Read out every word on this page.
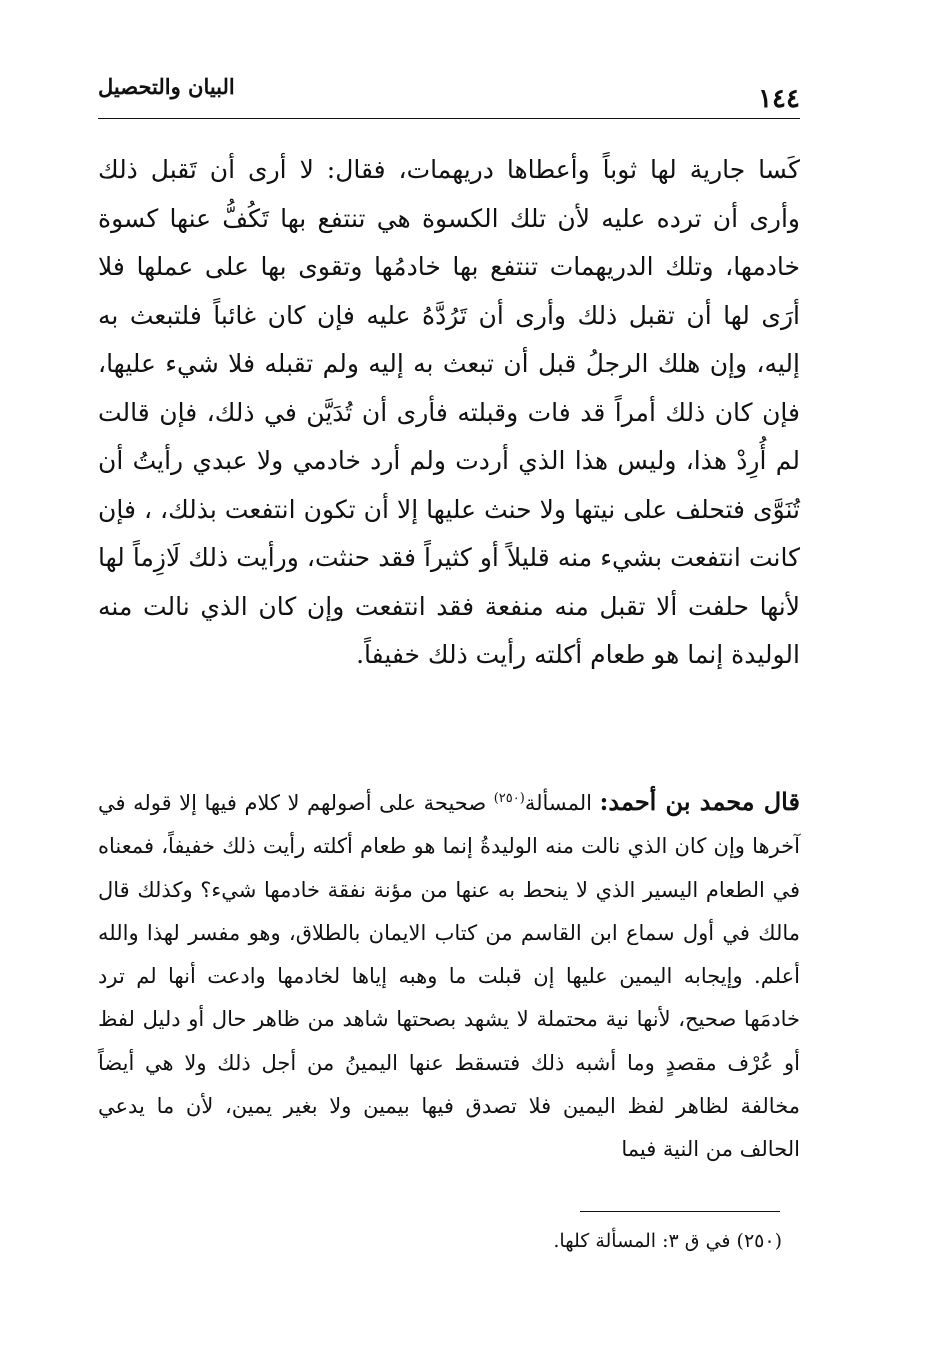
١٤٤
البيان والتحصيل

كَسا جارية لها ثوباً وأعطاها دريهمات، فقال: لا أرى أن تَقبل ذلك وأرى أن ترده عليه لأن تلك الكسوة هي تنتفع بها تَكُفُّ عنها كسوة خادمها، وتلك الدريهمات تنتفع بها خادمُها وتقوى بها على عملها فلا أرَى لها أن تقبل ذلك وأرى أن تَرُدَّهُ عليه فإن كان غائباً فلتبعث به إليه، وإن هلك الرجلُ قبل أن تبعث به إليه ولم تقبله فلا شيء عليها، فإن كان ذلك أمراً قد فات وقبلته فأرى أن تُدَيَّن في ذلك، فإن قالت لم أُرِدْ هذا، وليس هذا الذي أردت ولم أرد خادمي ولا عبدي رأيتُ أن تُنَوَّى فتحلف على نيتها ولا حنث عليها إلا أن تكون انتفعت بذلك، ، فإن كانت انتفعت بشيء منه قليلاً أو كثيراً فقد حنثت، ورأيت ذلك لَازِماً لها لأنها حلفت ألا تقبل منه منفعة فقد انتفعت وإن كان الذي نالت منه الوليدة إنما هو طعام أكلته رأيت ذلك خفيفاً.

قال محمد بن أحمد: المسألة$^{(٢٥٠)}$ صحيحة على أصولهم لا كلام فيها إلا قوله في آخرها وإن كان الذي نالت منه الوليدةُ إنما هو طعام أكلته رأيت ذلك خفيفاً، فمعناه في الطعام اليسير الذي لا ينحط به عنها من مؤنة نفقة خادمها شيء؟ وكذلك قال مالك في أول سماع ابن القاسم من كتاب الايمان بالطلاق، وهو مفسر لهذا والله أعلم. وإيجابه اليمين عليها إن قبلت ما وهبه إياها لخادمها وادعت أنها لم ترد خادمَها صحيح، لأنها نية محتملة لا يشهد بصحتها شاهد من ظاهر حال أو دليل لفظ أو عُرْف مقصدٍ وما أشبه ذلك فتسقط عنها اليمينُ من أجل ذلك ولا هي أيضاً مخالفة لظاهر لفظ اليمين فلا تصدق فيها بيمين ولا بغير يمين، لأن ما يدعي الحالف من النية فيما

(٢٥٠) في ق ٣: المسألة كلها.
